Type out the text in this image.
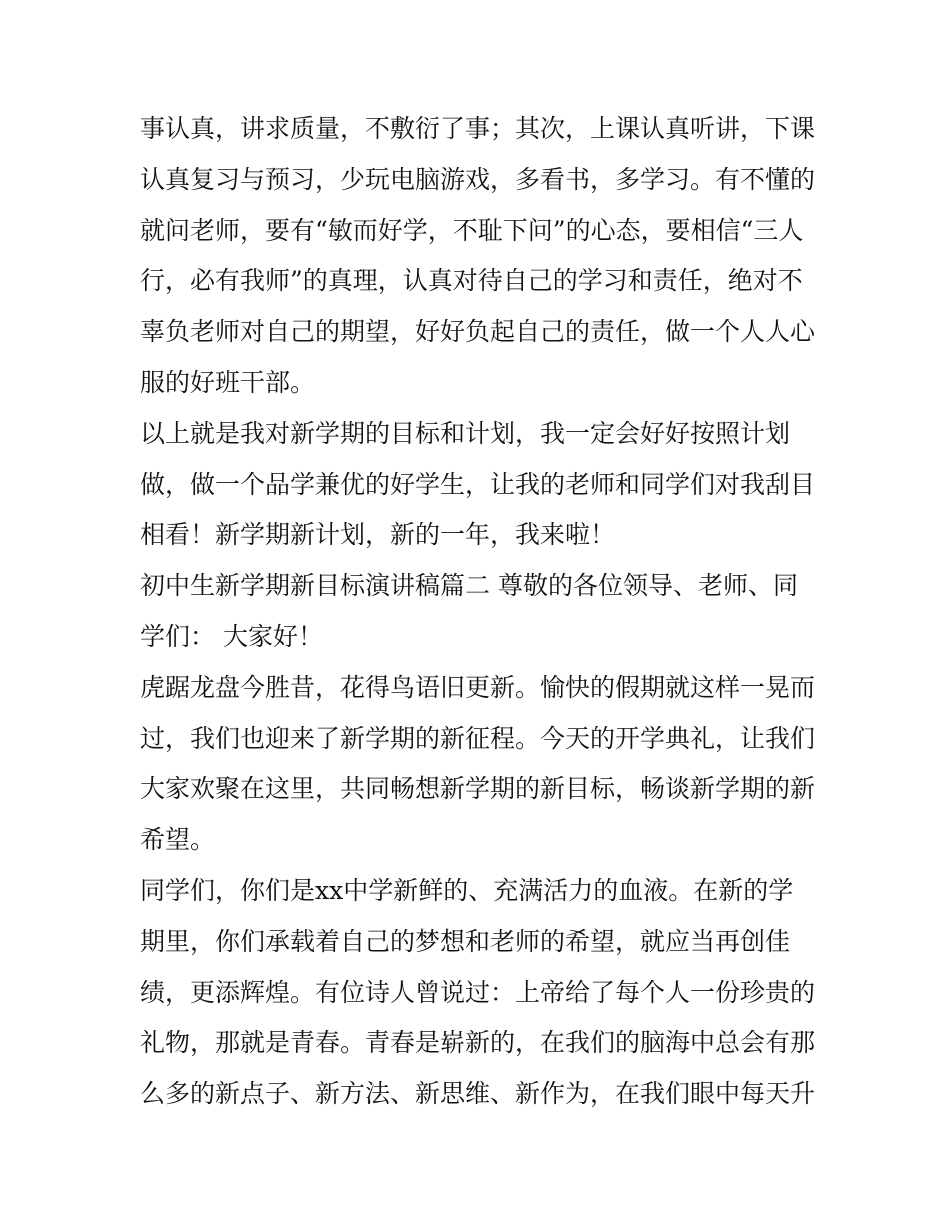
事认真，讲求质量，不敷衍了事；其次，上课认真听讲，下课
认真复习与预习，少玩电脑游戏，多看书，多学习。有不懂的
就问老师，要有“敏而好学，不耻下问”的心态，要相信“三人
行，必有我师”的真理，认真对待自己的学习和责任，绝对不
辜负老师对自己的期望，好好负起自己的责任，做一个人人心
服的好班干部。
以上就是我对新学期的目标和计划，我一定会好好按照计划
做，做一个品学兼优的好学生，让我的老师和同学们对我刮目
相看！新学期新计划，新的一年，我来啦！
初中生新学期新目标演讲稿篇二 尊敬的各位领导、老师、同
学们： 大家好！
虎踞龙盘今胜昔，花得鸟语旧更新。愉快的假期就这样一晃而
过，我们也迎来了新学期的新征程。今天的开学典礼，让我们
大家欢聚在这里，共同畅想新学期的新目标，畅谈新学期的新
希望。
同学们，你们是xx中学新鲜的、充满活力的血液。在新的学
期里，你们承载着自己的梦想和老师的希望，就应当再创佳
绩，更添辉煌。有位诗人曾说过：上帝给了每个人一份珍贵的
礼物，那就是青春。青春是崭新的，在我们的脑海中总会有那
么多的新点子、新方法、新思维、新作为，在我们眼中每天升
